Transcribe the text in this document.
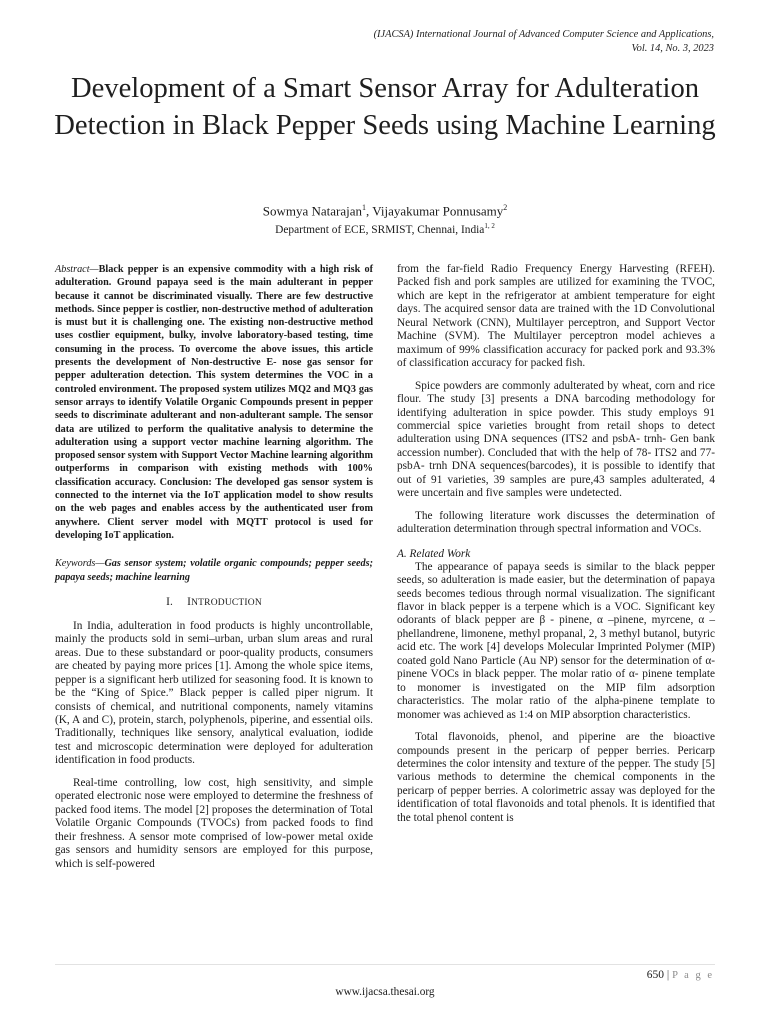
(IJACSA) International Journal of Advanced Computer Science and Applications,
Vol. 14, No. 3, 2023
Development of a Smart Sensor Array for Adulteration Detection in Black Pepper Seeds using Machine Learning
Sowmya Natarajan$^1$, Vijayakumar Ponnusamy$^2$
Department of ECE, SRMIST, Chennai, India$^{1, 2}$

Abstract—Black pepper is an expensive commodity with a high risk of adulteration. Ground papaya seed is the main adulterant in pepper because it cannot be discriminated visually. There are few destructive methods. Since pepper is costlier, non-destructive method of adulteration is must but it is challenging one. The existing non-destructive method uses costlier equipment, bulky, involve laboratory-based testing, time consuming in the process. To overcome the above issues, this article presents the development of Non-destructive E- nose gas sensor for pepper adulteration detection. This system determines the VOC in a controled environment. The proposed system utilizes MQ2 and MQ3 gas sensor arrays to identify Volatile Organic Compounds present in pepper seeds to discriminate adulterant and non-adulterant sample. The sensor data are utilized to perform the qualitative analysis to determine the adulteration using a support vector machine learning algorithm. The proposed sensor system with Support Vector Machine learning algorithm outperforms in comparison with existing methods with 100% classification accuracy. Conclusion: The developed gas sensor system is connected to the internet via the IoT application model to show results on the web pages and enables access by the authenticated user from anywhere. Client server model with MQTT protocol is used for developing IoT application.

Keywords—Gas sensor system; volatile organic compounds; pepper seeds; papaya seeds; machine learning

I. INTRODUCTION

In India, adulteration in food products is highly uncontrollable, mainly the products sold in semi–urban, urban slum areas and rural areas. Due to these substandard or poor-quality products, consumers are cheated by paying more prices [1]. Among the whole spice items, pepper is a significant herb utilized for seasoning food. It is known to be the “King of Spice.” Black pepper is called piper nigrum. It consists of chemical, and nutritional components, namely vitamins (K, A and C), protein, starch, polyphenols, piperine, and essential oils. Traditionally, techniques like sensory, analytical evaluation, iodide test and microscopic determination were deployed for adulteration identification in food products.

Real-time controlling, low cost, high sensitivity, and simple operated electronic nose were employed to determine the freshness of packed food items. The model [2] proposes the determination of Total Volatile Organic Compounds (TVOCs) from packed foods to find their freshness. A sensor mote comprised of low-power metal oxide gas sensors and humidity sensors are employed for this purpose, which is self-powered

from the far-field Radio Frequency Energy Harvesting (RFEH). Packed fish and pork samples are utilized for examining the TVOC, which are kept in the refrigerator at ambient temperature for eight days. The acquired sensor data are trained with the 1D Convolutional Neural Network (CNN), Multilayer perceptron, and Support Vector Machine (SVM). The Multilayer perceptron model achieves a maximum of 99% classification accuracy for packed pork and 93.3% of classification accuracy for packed fish.

Spice powders are commonly adulterated by wheat, corn and rice flour. The study [3] presents a DNA barcoding methodology for identifying adulteration in spice powder. This study employs 91 commercial spice varieties brought from retail shops to detect adulteration using DNA sequences (ITS2 and psbA- trnh- Gen bank accession number). Concluded that with the help of 78- ITS2 and 77- psbA- trnh DNA sequences(barcodes), it is possible to identify that out of 91 varieties, 39 samples are pure,43 samples adulterated, 4 were uncertain and five samples were undetected.

The following literature work discusses the determination of adulteration determination through spectral information and VOCs.

A. Related Work

The appearance of papaya seeds is similar to the black pepper seeds, so adulteration is made easier, but the determination of papaya seeds becomes tedious through normal visualization. The significant flavor in black pepper is a terpene which is a VOC. Significant key odorants of black pepper are β - pinene, α –pinene, myrcene, α – phellandrene, limonene, methyl propanal, 2, 3 methyl butanol, butyric acid etc. The work [4] develops Molecular Imprinted Polymer (MIP) coated gold Nano Particle (Au NP) sensor for the determination of α-pinene VOCs in black pepper. The molar ratio of α- pinene template to monomer is investigated on the MIP film adsorption characteristics. The molar ratio of the alpha-pinene template to monomer was achieved as 1:4 on MIP absorption characteristics.

Total flavonoids, phenol, and piperine are the bioactive compounds present in the pericarp of pepper berries. Pericarp determines the color intensity and texture of the pepper. The study [5] various methods to determine the chemical components in the pericarp of pepper berries. A colorimetric assay was deployed for the identification of total flavonoids and total phenols. It is identified that the total phenol content is

650 | P a g e
www.ijacsa.thesai.org
